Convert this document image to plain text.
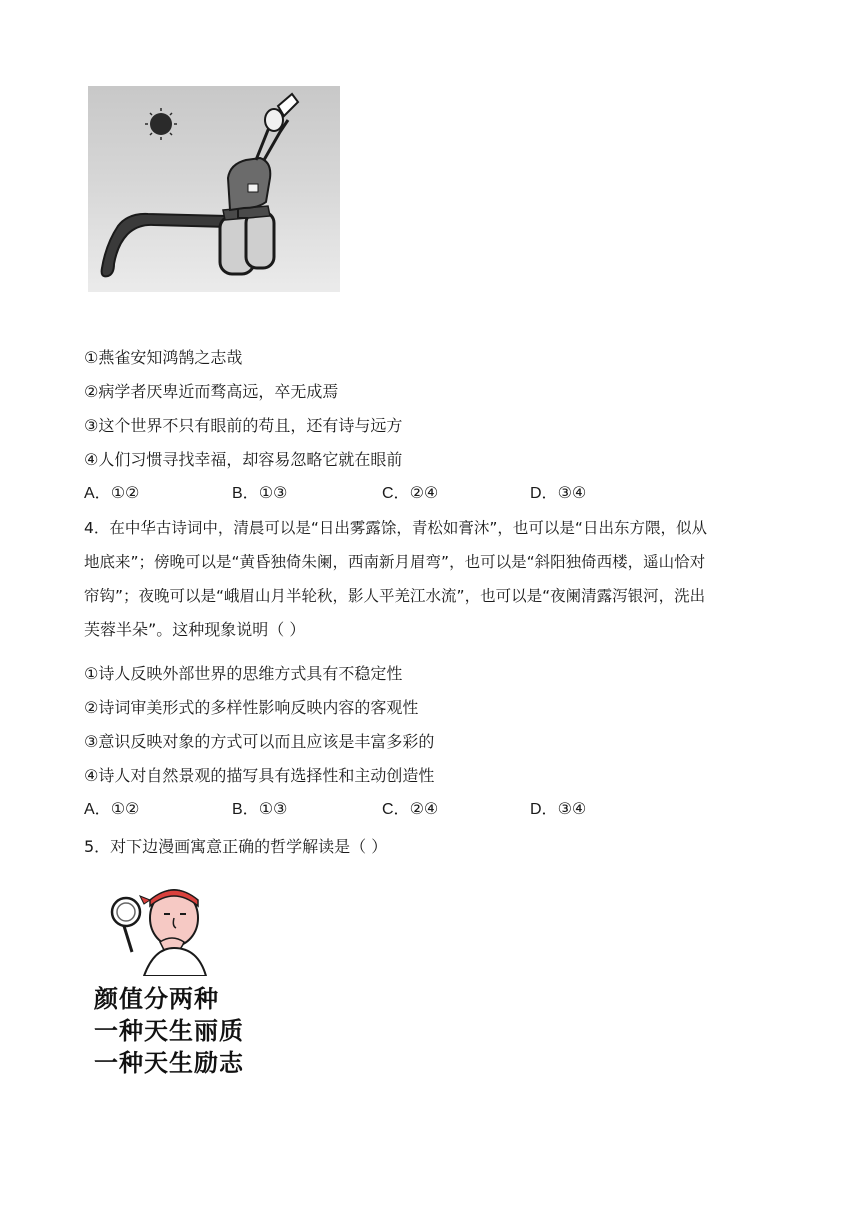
①燕雀安知鸿鹄之志哉
②病学者厌卑近而骛高远，卒无成焉
③这个世界不只有眼前的苟且，还有诗与远方
④人们习惯寻找幸福，却容易忽略它就在眼前
A．①②	B．①③	C．②④	D．③④
4．在中华古诗词中，清晨可以是“日出雾露馀，青松如膏沐”，也可以是“日出东方隈，似从
地底来”；傍晚可以是“黄昏独倚朱阑，西南新月眉弯”，也可以是“斜阳独倚西楼，遥山恰对
帘钩”；夜晚可以是“峨眉山月半轮秋，影人平羌江水流”，也可以是“夜阑清露泻银河，洗出
芙蓉半朵”。这种现象说明（ ）
①诗人反映外部世界的思维方式具有不稳定性
②诗词审美形式的多样性影响反映内容的客观性
③意识反映对象的方式可以而且应该是丰富多彩的
④诗人对自然景观的描写具有选择性和主动创造性
A．①②	B．①③	C．②④	D．③④
5．对下边漫画寓意正确的哲学解读是（ ）
颜值分两种
一种天生丽质
一种天生励志
